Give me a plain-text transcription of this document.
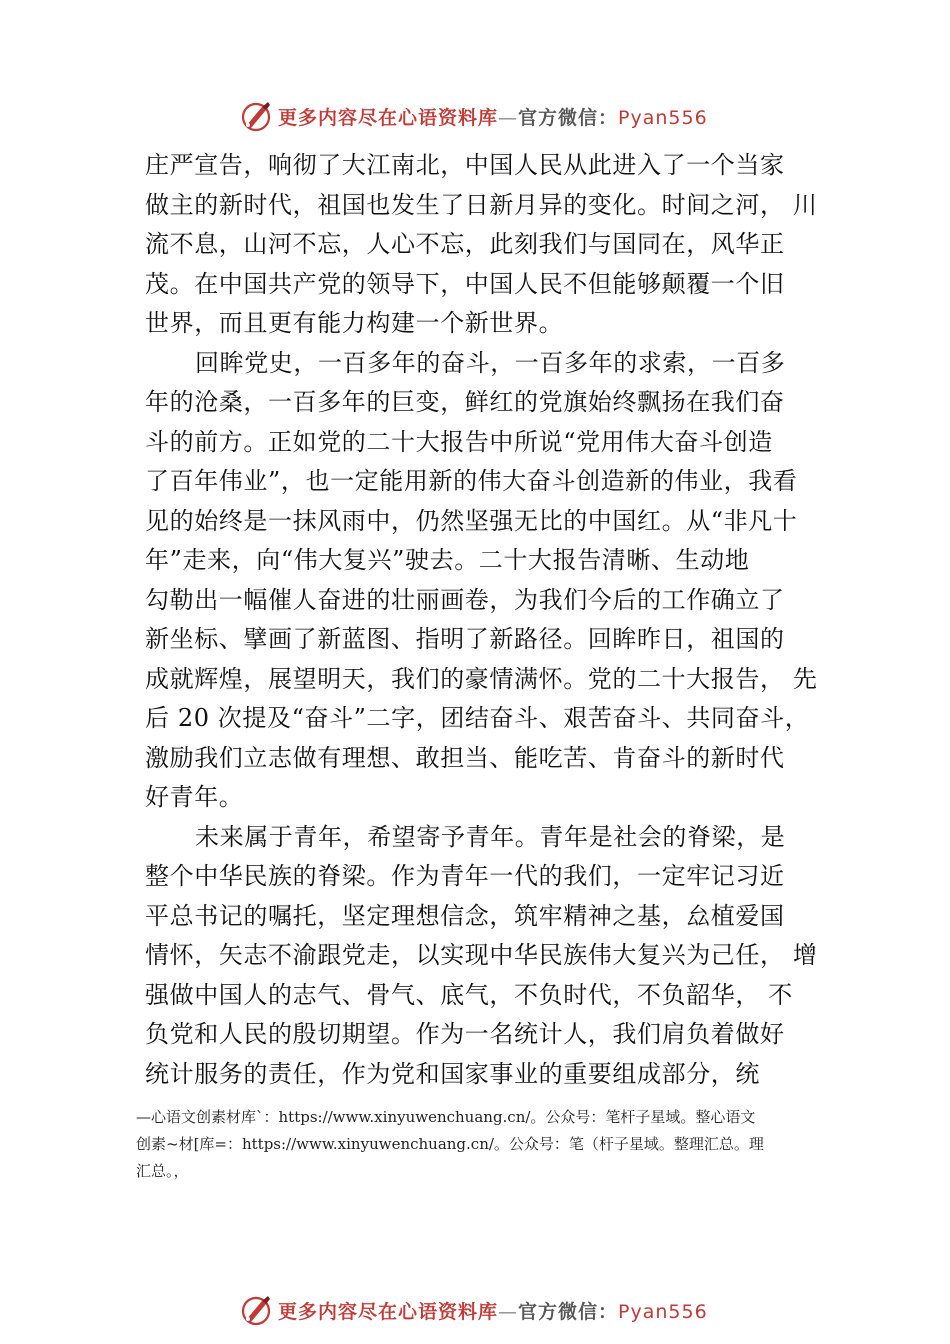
更多内容尽在心语资料库—官方微信：Pyan556
庄严宣告，响彻了大江南北，中国人民从此进入了一个当家
做主的新时代，祖国也发生了日新月异的变化。时间之河， 川
流不息，山河不忘，人心不忘，此刻我们与国同在，风华正
茂。在中国共产党的领导下，中国人民不但能够颠覆一个旧
世界，而且更有能力构建一个新世界。
回眸党史，一百多年的奋斗，一百多年的求索，一百多
年的沧桑，一百多年的巨变，鲜红的党旗始终飘扬在我们奋
斗的前方。正如党的二十大报告中所说“党用伟大奋斗创造
了百年伟业”，也一定能用新的伟大奋斗创造新的伟业，我看
见的始终是一抹风雨中，仍然坚强无比的中国红。从“非凡十
年”走来，向“伟大复兴”驶去。二十大报告清晰、生动地
勾勒出一幅催人奋进的壮丽画卷，为我们今后的工作确立了
新坐标、擘画了新蓝图、指明了新路径。回眸昨日，祖国的
成就辉煌，展望明天，我们的豪情满怀。党的二十大报告， 先
后 20 次提及“奋斗”二字，团结奋斗、艰苦奋斗、共同奋斗，
激励我们立志做有理想、敢担当、能吃苦、肯奋斗的新时代
好青年。
未来属于青年，希望寄予青年。青年是社会的脊梁，是
整个中华民族的脊梁。作为青年一代的我们，一定牢记习近
平总书记的嘱托，坚定理想信念，筑牢精神之基，厽植爱国
情怀，矢志不渝跟党走，以实现中华民族伟大复兴为己任， 增
强做中国人的志气、骨气、底气，不负时代，不负韶华， 不
负党和人民的殷切期望。作为一名统计人，我们肩负着做好
统计服务的责任，作为党和国家事业的重要组成部分，统
—心语文创素材库`：https://www.xinyuwenchuang.cn/。公众号：笔杆子星域。整心语文
创素~材[库=：https://www.xinyuwenchuang.cn/。公众号：笔（杆子星域。整理汇总。理
汇总。，
更多内容尽在心语资料库—官方微信：Pyan556
